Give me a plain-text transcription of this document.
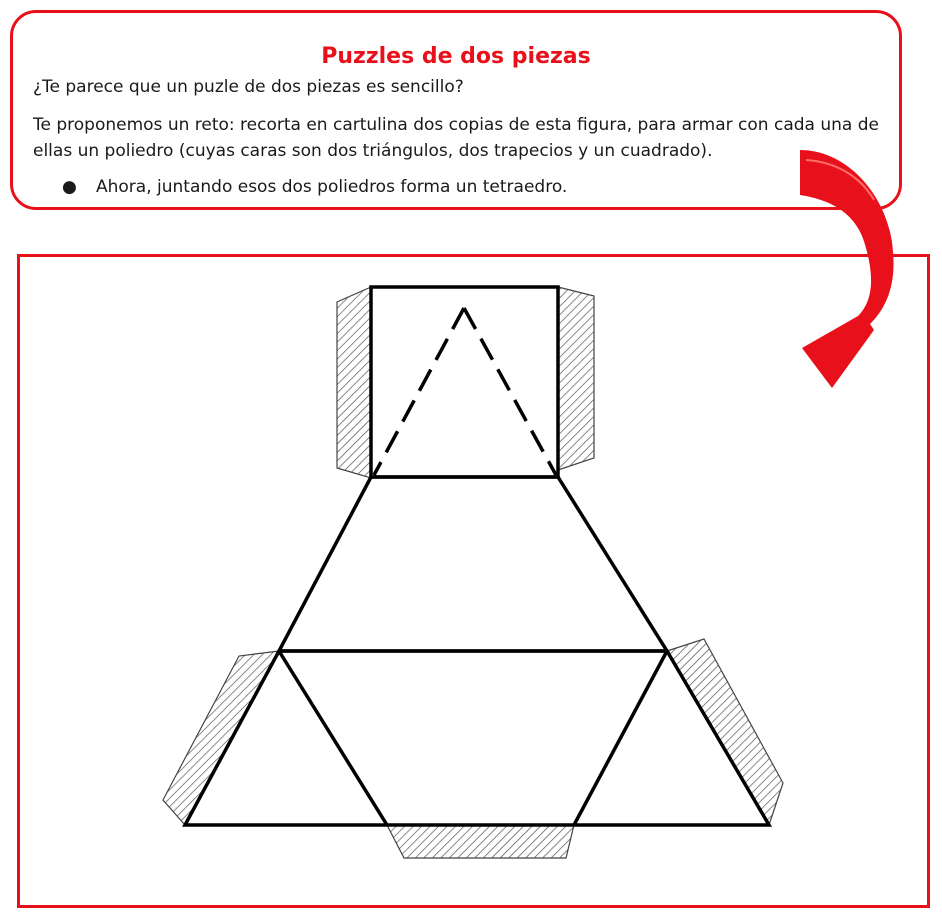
Puzzles de dos piezas

¿Te parece que un puzle de dos piezas es sencillo?

Te proponemos un reto: recorta en cartulina dos copias de esta figura, para armar con cada una de ellas un poliedro (cuyas caras son dos triángulos, dos trapecios y un cuadrado).

● Ahora, juntando esos dos poliedros forma un tetraedro.
